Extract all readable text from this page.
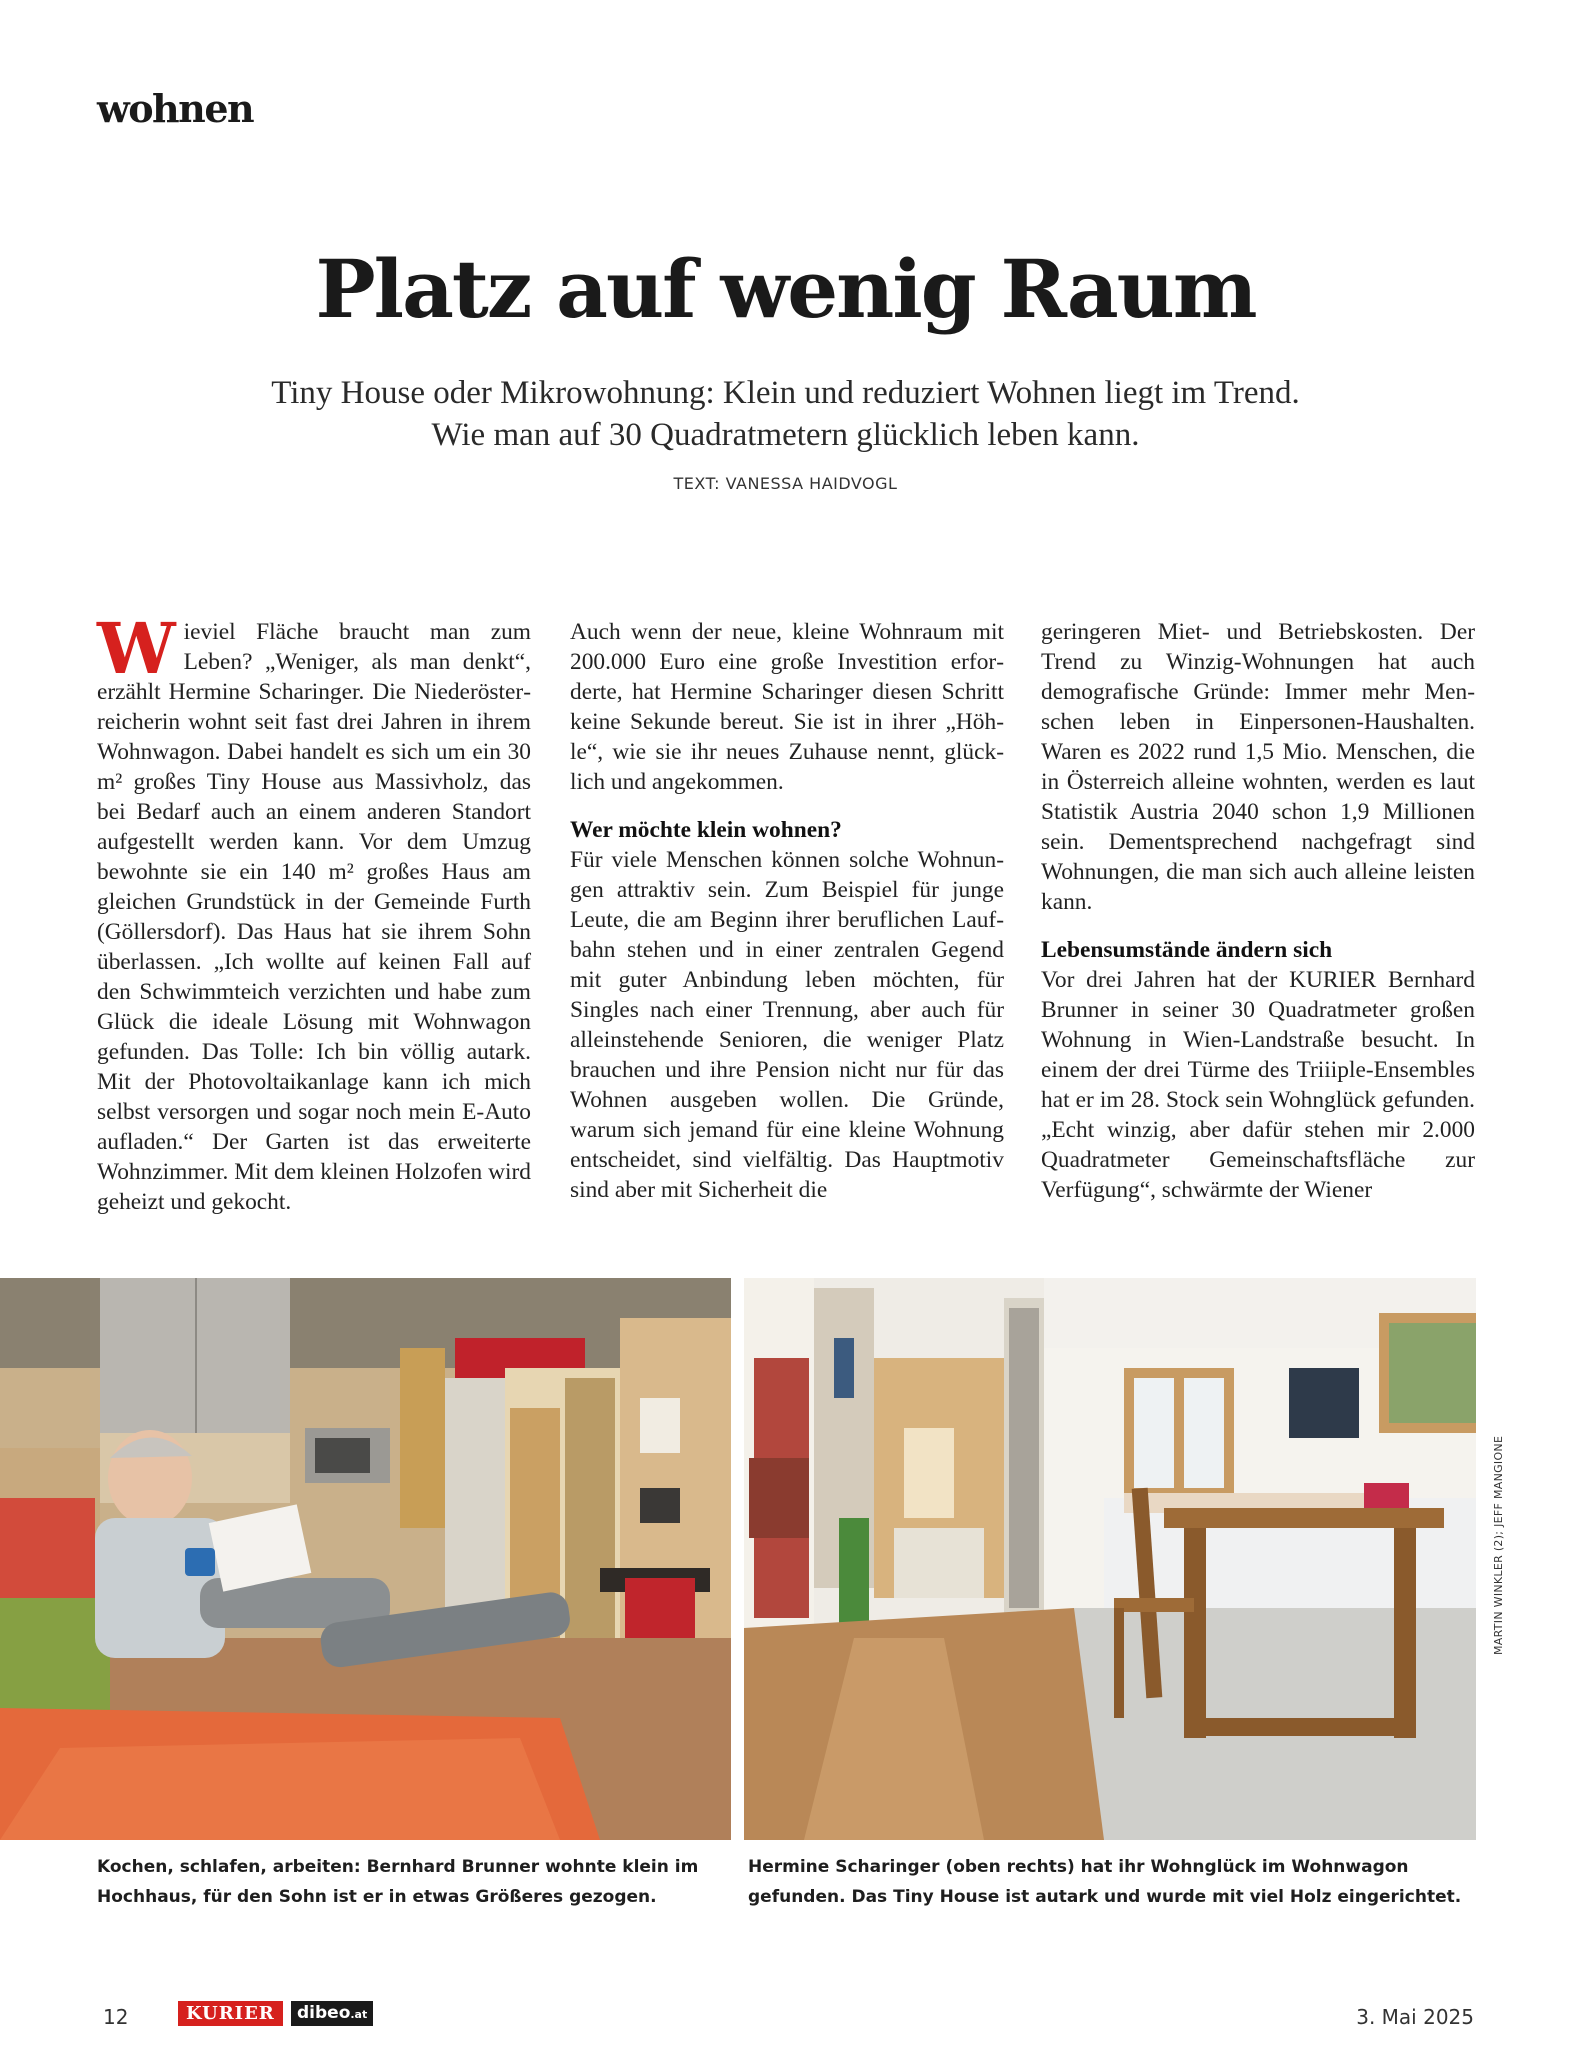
wohnen
Platz auf wenig Raum
Tiny House oder Mikrowohnung: Klein und reduziert Wohnen liegt im Trend.
Wie man auf 30 Quadratmetern glücklich leben kann.
TEXT: VANESSA HAIDVOGL

Wieviel Fläche braucht man zum Leben? „Weniger, als man denkt“, erzählt Hermine Scharinger. Die Niederösterreicherin wohnt seit fast drei Jahren in ihrem Wohnwagon. Dabei handelt es sich um ein 30 m² großes Tiny House aus Massivholz, das bei Bedarf auch an einem anderen Standort aufgestellt werden kann. Vor dem Umzug bewohnte sie ein 140 m² großes Haus am gleichen Grundstück in der Gemeinde Furth (Göllersdorf). Das Haus hat sie ihrem Sohn überlassen. „Ich wollte auf keinen Fall auf den Schwimmteich verzichten und habe zum Glück die ideale Lösung mit Wohnwagon gefunden. Das Tolle: Ich bin völlig autark. Mit der Photovoltaikanlage kann ich mich selbst versorgen und sogar noch mein E-Auto aufladen.“ Der Garten ist das erweiterte Wohnzimmer. Mit dem kleinen Holzofen wird geheizt und gekocht.

Auch wenn der neue, kleine Wohnraum mit 200.000 Euro eine große Investition erforderte, hat Hermine Scharinger diesen Schritt keine Sekunde bereut. Sie ist in ihrer „Höhle“, wie sie ihr neues Zuhause nennt, glücklich und angekommen.

Wer möchte klein wohnen?

Für viele Menschen können solche Wohnungen attraktiv sein. Zum Beispiel für junge Leute, die am Beginn ihrer beruflichen Laufbahn stehen und in einer zentralen Gegend mit guter Anbindung leben möchten, für Singles nach einer Trennung, aber auch für alleinstehende Senioren, die weniger Platz brauchen und ihre Pension nicht nur für das Wohnen ausgeben wollen. Die Gründe, warum sich jemand für eine kleine Wohnung entscheidet, sind vielfältig. Das Hauptmotiv sind aber mit Sicherheit die

geringeren Miet- und Betriebskosten. Der Trend zu Winzig-Wohnungen hat auch demografische Gründe: Immer mehr Menschen leben in Einpersonen-Haushalten. Waren es 2022 rund 1,5 Mio. Menschen, die in Österreich alleine wohnten, werden es laut Statistik Austria 2040 schon 1,9 Millionen sein. Dementsprechend nachgefragt sind Wohnungen, die man sich auch alleine leisten kann.

Lebensumstände ändern sich

Vor drei Jahren hat der KURIER Bernhard Brunner in seiner 30 Quadratmeter großen Wohnung in Wien-Landstraße besucht. In einem der drei Türme des Triiiple-Ensembles hat er im 28. Stock sein Wohnglück gefunden. „Echt winzig, aber dafür stehen mir 2.000 Quadratmeter Gemeinschaftsfläche zur Verfügung“, schwärmte der Wiener

Kochen, schlafen, arbeiten: Bernhard Brunner wohnte klein im Hochhaus, für den Sohn ist er in etwas Größeres gezogen.
Hermine Scharinger (oben rechts) hat ihr Wohnglück im Wohnwagon gefunden. Das Tiny House ist autark und wurde mit viel Holz eingerichtet.
MARTIN WINKLER (2); JEFF MANGIONE
12	KURIER	dibeo.at	3. Mai 2025
